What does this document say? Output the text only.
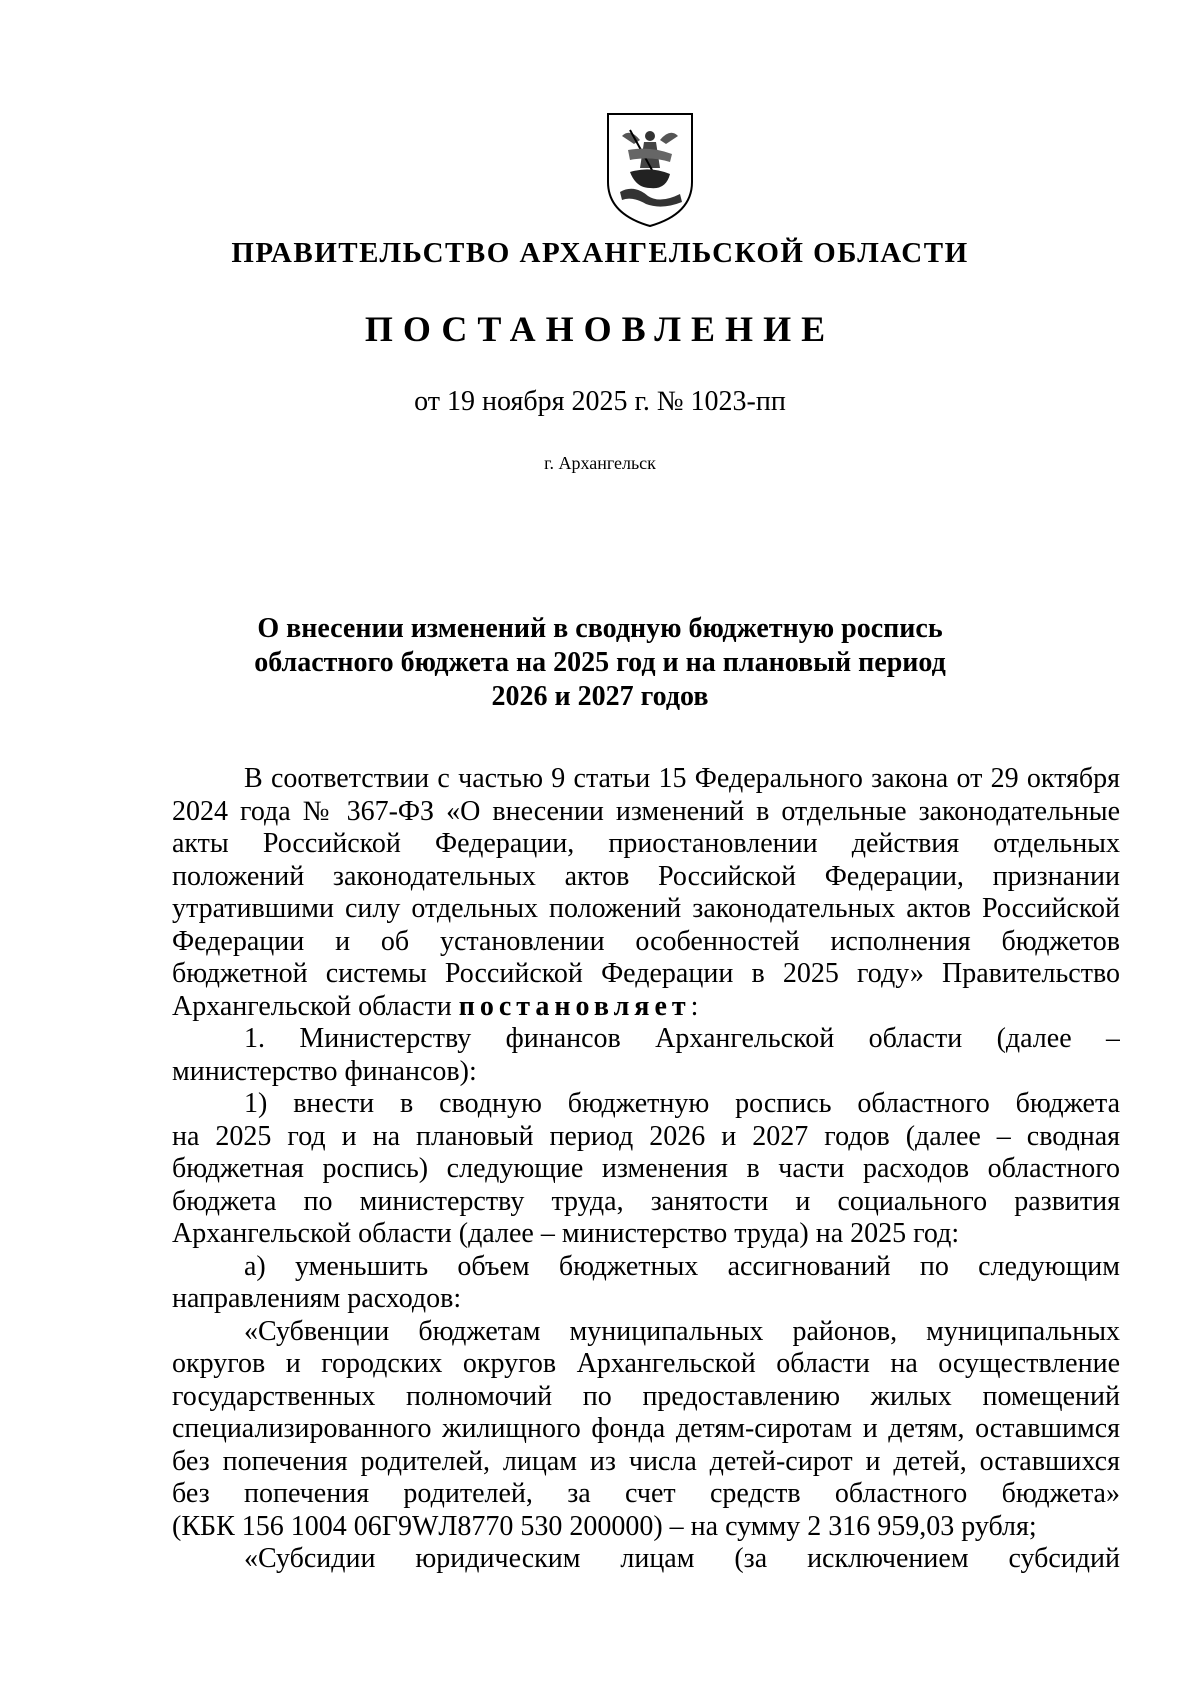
ПРАВИТЕЛЬСТВО АРХАНГЕЛЬСКОЙ ОБЛАСТИ
ПОСТАНОВЛЕНИЕ
от 19 ноября 2025 г. № 1023-пп
г. Архангельск
О внесении изменений в сводную бюджетную роспись
областного бюджета на 2025 год и на плановый период
2026 и 2027 годов
В соответствии с частью 9 статьи 15 Федерального закона от 29 октября
2024 года № 367-ФЗ «О внесении изменений в отдельные законодательные
акты Российской Федерации, приостановлении действия отдельных
положений законодательных актов Российской Федерации, признании
утратившими силу отдельных положений законодательных актов Российской
Федерации и об установлении особенностей исполнения бюджетов
бюджетной системы Российской Федерации в 2025 году» Правительство
Архангельской области постановляет:
1. Министерству финансов Архангельской области (далее –
министерство финансов):
1) внести в сводную бюджетную роспись областного бюджета
на 2025 год и на плановый период 2026 и 2027 годов (далее – сводная
бюджетная роспись) следующие изменения в части расходов областного
бюджета по министерству труда, занятости и социального развития
Архангельской области (далее – министерство труда) на 2025 год:
а) уменьшить объем бюджетных ассигнований по следующим
направлениям расходов:
«Субвенции бюджетам муниципальных районов, муниципальных
округов и городских округов Архангельской области на осуществление
государственных полномочий по предоставлению жилых помещений
специализированного жилищного фонда детям-сиротам и детям, оставшимся
без попечения родителей, лицам из числа детей-сирот и детей, оставшихся
без попечения родителей, за счет средств областного бюджета»
(КБК 156 1004 06Г9WЛ8770 530 200000) – на сумму 2 316 959,03 рубля;
«Субсидии юридическим лицам (за исключением субсидий
